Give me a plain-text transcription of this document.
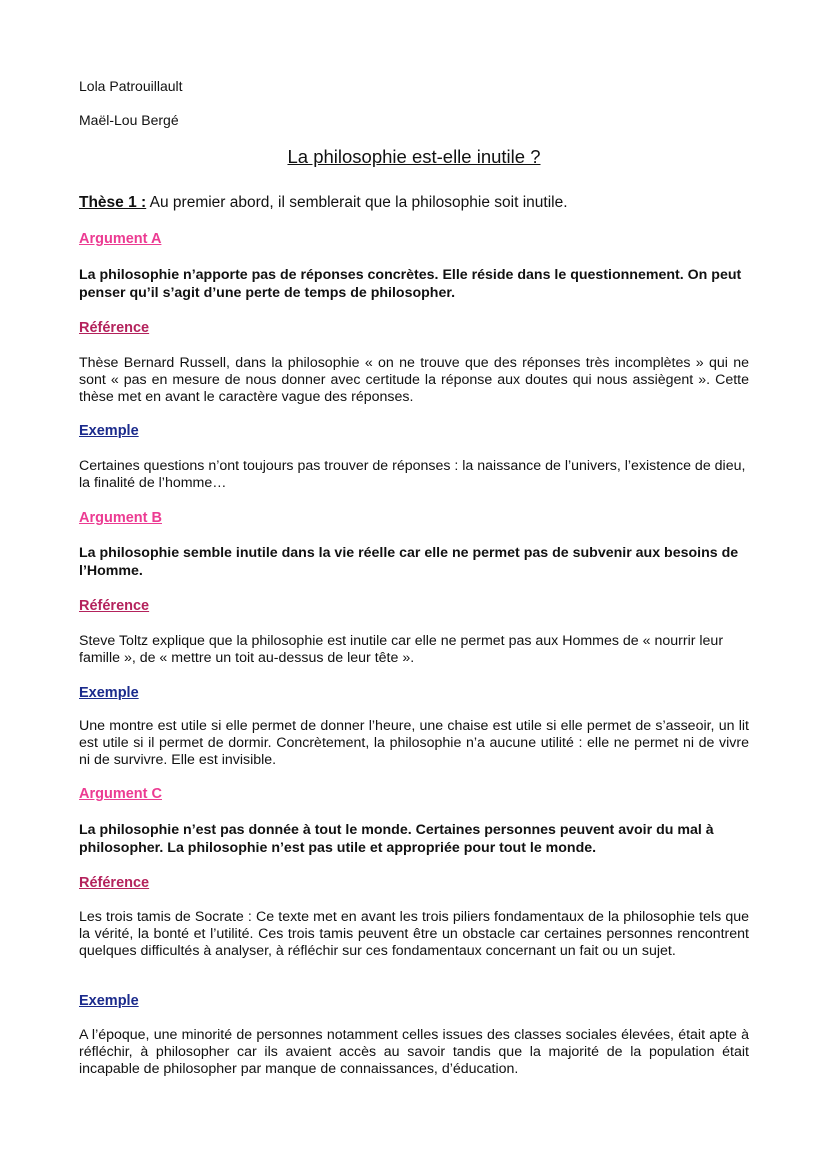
Lola Patrouillault
Maël-Lou Bergé
La philosophie est-elle inutile ?
Thèse 1 : Au premier abord, il semblerait que la philosophie soit inutile.
Argument A
La philosophie n’apporte pas de réponses concrètes. Elle réside dans le questionnement. On peut penser qu’il s’agit d’une perte de temps de philosopher.
Référence
Thèse Bernard Russell, dans la philosophie « on ne trouve que des réponses très incomplètes » qui ne sont « pas en mesure de nous donner avec certitude la réponse aux doutes qui nous assiègent ». Cette thèse met en avant le caractère vague des réponses.
Exemple
Certaines questions n’ont toujours pas trouver de réponses : la naissance de l’univers, l’existence de dieu, la finalité de l’homme…
Argument B
La philosophie semble inutile dans la vie réelle car elle ne permet pas de subvenir aux besoins de l’Homme.
Référence
Steve Toltz explique que la philosophie est inutile car elle ne permet pas aux Hommes de « nourrir leur famille », de « mettre un toit au-dessus de leur tête ».
Exemple
Une montre est utile si elle permet de donner l’heure, une chaise est utile si elle permet de s’asseoir, un lit est utile si il permet de dormir. Concrètement, la philosophie n’a aucune utilité : elle ne permet ni de vivre ni de survivre. Elle est invisible.
Argument C
La philosophie n’est pas donnée à tout le monde. Certaines personnes peuvent avoir du mal à philosopher. La philosophie n’est pas utile et appropriée pour tout le monde.
Référence
Les trois tamis de Socrate : Ce texte met en avant les trois piliers fondamentaux de la philosophie tels que la vérité, la bonté et l’utilité. Ces trois tamis peuvent être un obstacle car certaines personnes rencontrent quelques difficultés à analyser, à réfléchir sur ces fondamentaux concernant un fait ou un sujet.
Exemple
A l’époque, une minorité de personnes notamment celles issues des classes sociales élevées, était apte à réfléchir, à philosopher car ils avaient accès au savoir tandis que la majorité de la population était incapable de philosopher par manque de connaissances, d’éducation.
